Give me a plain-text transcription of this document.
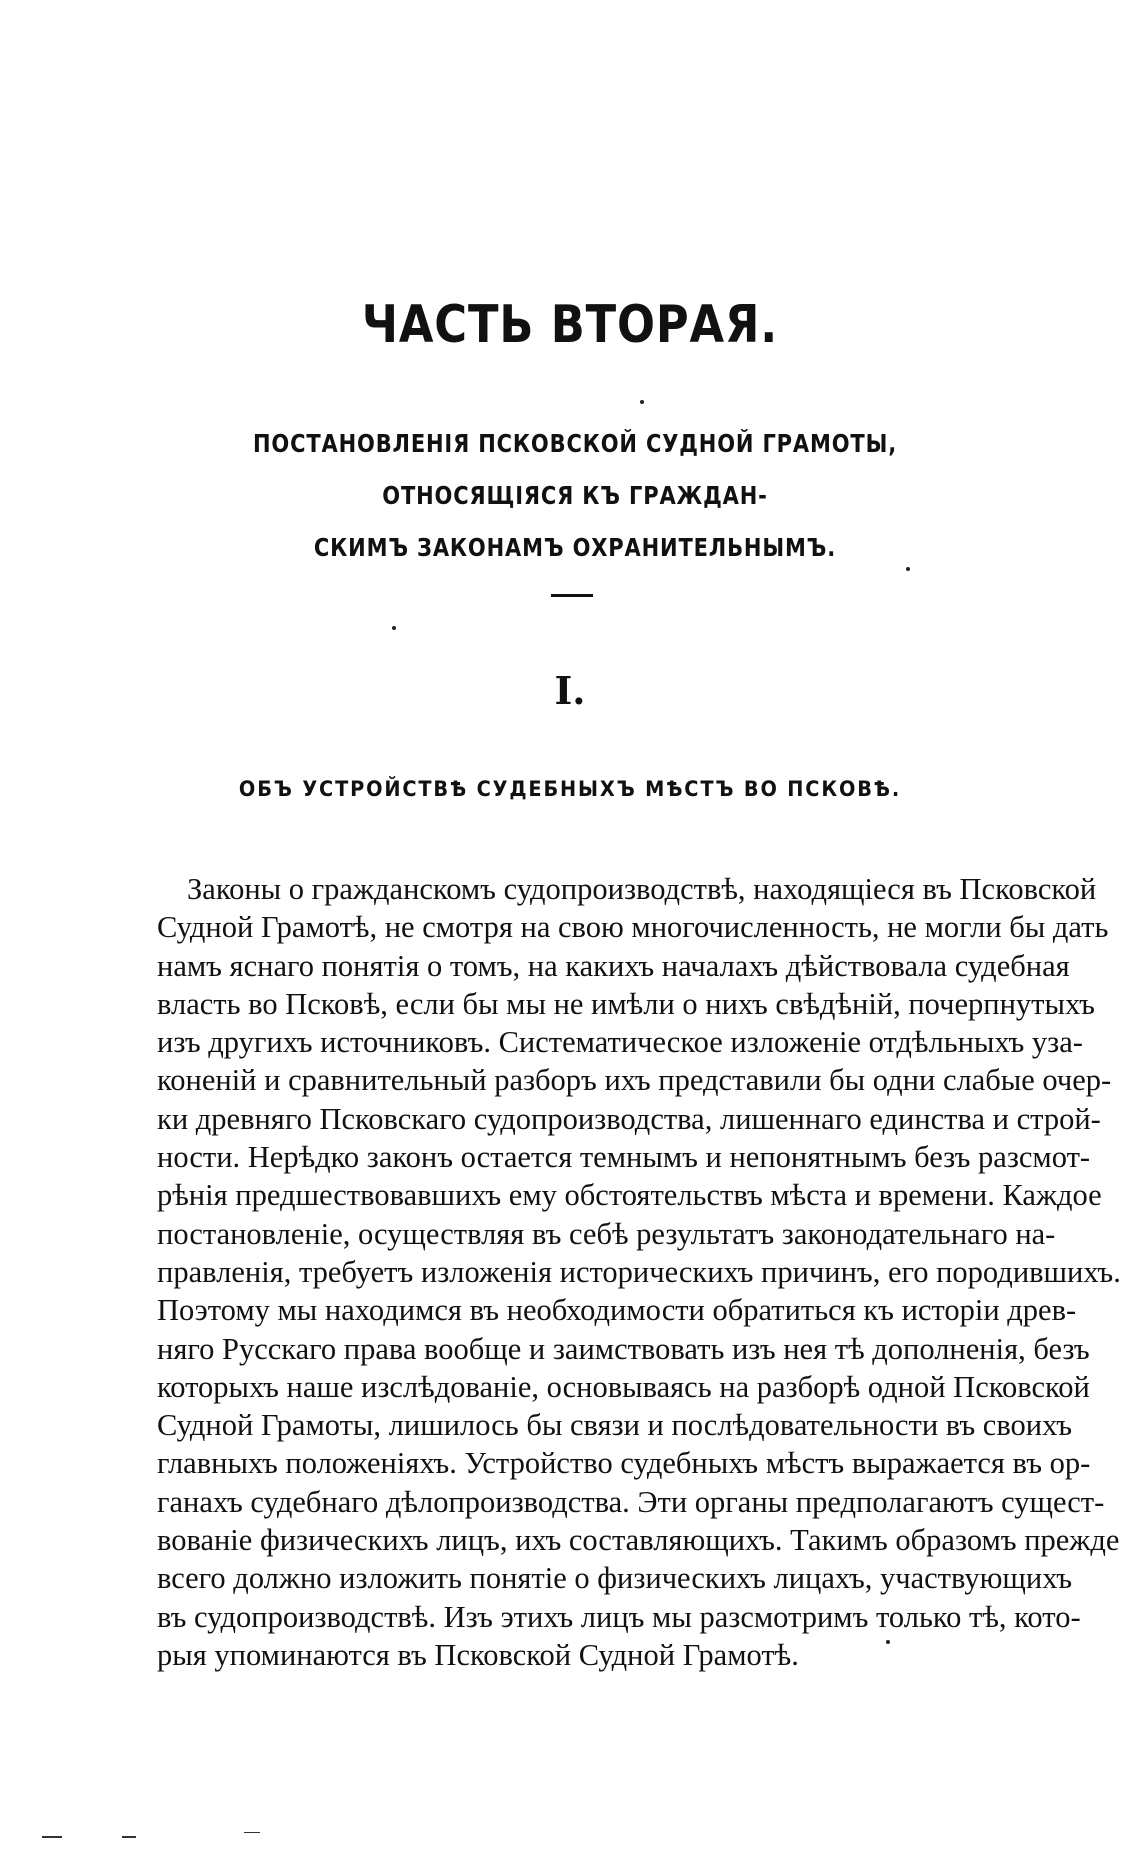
ЧАСТЬ ВТОРАЯ.
ПОСТАНОВЛЕНІЯ ПСКОВСКОЙ СУДНОЙ ГРАМОТЫ, ОТНОСЯЩІЯСЯ КЪ ГРАЖДАН-
СКИМЪ ЗАКОНАМЪ ОХРАНИТЕЛЬНЫМЪ.
I.
ОБЪ УСТРОЙСТВѢ СУДЕБНЫХЪ МѢСТЪ ВО ПСКОВѢ.
Законы о гражданскомъ судопроизводствѣ, находящіеся въ Псковской
Судной Грамотѣ, не смотря на свою многочисленность, не могли бы дать
намъ яснаго понятія о томъ, на какихъ началахъ дѣйствовала судебная
власть во Псковѣ, если бы мы не имѣли о нихъ свѣдѣній, почерпнутыхъ
изъ другихъ источниковъ. Систематическое изложеніе отдѣльныхъ уза-
коненій и сравнительный разборъ ихъ представили бы одни слабые очер-
ки древняго Псковскаго судопроизводства, лишеннаго единства и строй-
ности. Нерѣдко законъ остается темнымъ и непонятнымъ безъ разсмот-
рѣнія предшествовавшихъ ему обстоятельствъ мѣста и времени. Каждое
постановленіе, осуществляя въ себѣ результатъ законодательнаго на-
правленія, требуетъ изложенія историческихъ причинъ, его породившихъ.
Поэтому мы находимся въ необходимости обратиться къ исторіи древ-
няго Русскаго права вообще и заимствовать изъ нея тѣ дополненія, безъ
которыхъ наше изслѣдованіе, основываясь на разборѣ одной Псковской
Судной Грамоты, лишилось бы связи и послѣдовательности въ своихъ
главныхъ положеніяхъ. Устройство судебныхъ мѣстъ выражается въ ор-
ганахъ судебнаго дѣлопроизводства. Эти органы предполагаютъ сущест-
вованіе физическихъ лицъ, ихъ составляющихъ. Такимъ образомъ прежде
всего должно изложить понятіе о физическихъ лицахъ, участвующихъ
въ судопроизводствѣ. Изъ этихъ лицъ мы разсмотримъ только тѣ, кото-
рыя упоминаются въ Псковской Судной Грамотѣ.
